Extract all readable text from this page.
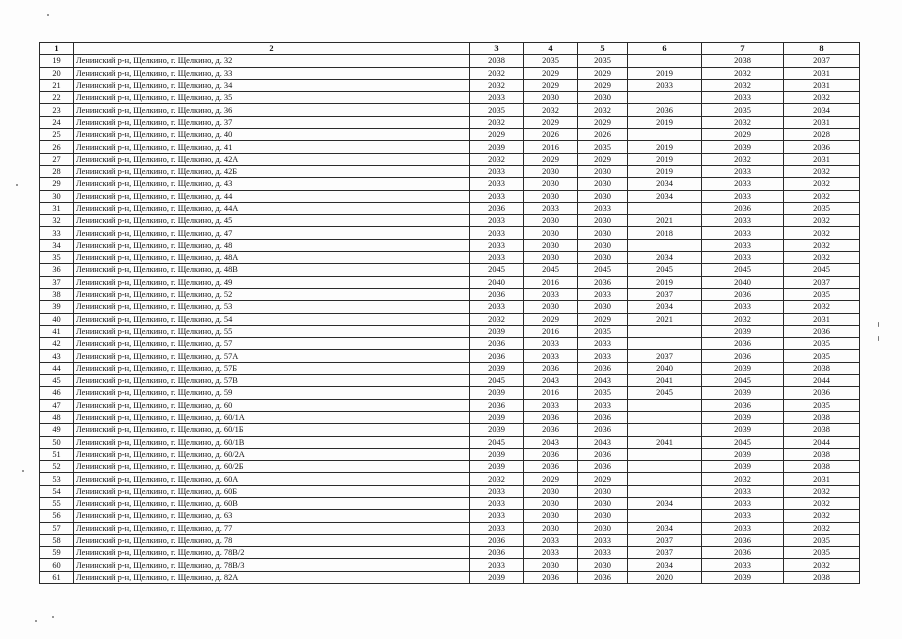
1	2	3	4	5	6	7	8
19	Ленинский р-н, Щелкино, г. Щелкино, д. 32	2038	2035	2035		2038	2037
20	Ленинский р-н, Щелкино, г. Щелкино, д. 33	2032	2029	2029	2019	2032	2031
21	Ленинский р-н, Щелкино, г. Щелкино, д. 34	2032	2029	2029	2033	2032	2031
22	Ленинский р-н, Щелкино, г. Щелкино, д. 35	2033	2030	2030		2033	2032
23	Ленинский р-н, Щелкино, г. Щелкино, д. 36	2035	2032	2032	2036	2035	2034
24	Ленинский р-н, Щелкино, г. Щелкино, д. 37	2032	2029	2029	2019	2032	2031
25	Ленинский р-н, Щелкино, г. Щелкино, д. 40	2029	2026	2026		2029	2028
26	Ленинский р-н, Щелкино, г. Щелкино, д. 41	2039	2016	2035	2019	2039	2036
27	Ленинский р-н, Щелкино, г. Щелкино, д. 42А	2032	2029	2029	2019	2032	2031
28	Ленинский р-н, Щелкино, г. Щелкино, д. 42Б	2033	2030	2030	2019	2033	2032
29	Ленинский р-н, Щелкино, г. Щелкино, д. 43	2033	2030	2030	2034	2033	2032
30	Ленинский р-н, Щелкино, г. Щелкино, д. 44	2033	2030	2030	2034	2033	2032
31	Ленинский р-н, Щелкино, г. Щелкино, д. 44А	2036	2033	2033		2036	2035
32	Ленинский р-н, Щелкино, г. Щелкино, д. 45	2033	2030	2030	2021	2033	2032
33	Ленинский р-н, Щелкино, г. Щелкино, д. 47	2033	2030	2030	2018	2033	2032
34	Ленинский р-н, Щелкино, г. Щелкино, д. 48	2033	2030	2030		2033	2032
35	Ленинский р-н, Щелкино, г. Щелкино, д. 48А	2033	2030	2030	2034	2033	2032
36	Ленинский р-н, Щелкино, г. Щелкино, д. 48В	2045	2045	2045	2045	2045	2045
37	Ленинский р-н, Щелкино, г. Щелкино, д. 49	2040	2016	2036	2019	2040	2037
38	Ленинский р-н, Щелкино, г. Щелкино, д. 52	2036	2033	2033	2037	2036	2035
39	Ленинский р-н, Щелкино, г. Щелкино, д. 53	2033	2030	2030	2034	2033	2032
40	Ленинский р-н, Щелкино, г. Щелкино, д. 54	2032	2029	2029	2021	2032	2031
41	Ленинский р-н, Щелкино, г. Щелкино, д. 55	2039	2016	2035		2039	2036
42	Ленинский р-н, Щелкино, г. Щелкино, д. 57	2036	2033	2033		2036	2035
43	Ленинский р-н, Щелкино, г. Щелкино, д. 57А	2036	2033	2033	2037	2036	2035
44	Ленинский р-н, Щелкино, г. Щелкино, д. 57Б	2039	2036	2036	2040	2039	2038
45	Ленинский р-н, Щелкино, г. Щелкино, д. 57В	2045	2043	2043	2041	2045	2044
46	Ленинский р-н, Щелкино, г. Щелкино, д. 59	2039	2016	2035	2045	2039	2036
47	Ленинский р-н, Щелкино, г. Щелкино, д. 60	2036	2033	2033		2036	2035
48	Ленинский р-н, Щелкино, г. Щелкино, д. 60/1А	2039	2036	2036		2039	2038
49	Ленинский р-н, Щелкино, г. Щелкино, д. 60/1Б	2039	2036	2036		2039	2038
50	Ленинский р-н, Щелкино, г. Щелкино, д. 60/1В	2045	2043	2043	2041	2045	2044
51	Ленинский р-н, Щелкино, г. Щелкино, д. 60/2А	2039	2036	2036		2039	2038
52	Ленинский р-н, Щелкино, г. Щелкино, д. 60/2Б	2039	2036	2036		2039	2038
53	Ленинский р-н, Щелкино, г. Щелкино, д. 60А	2032	2029	2029		2032	2031
54	Ленинский р-н, Щелкино, г. Щелкино, д. 60Б	2033	2030	2030		2033	2032
55	Ленинский р-н, Щелкино, г. Щелкино, д. 60В	2033	2030	2030	2034	2033	2032
56	Ленинский р-н, Щелкино, г. Щелкино, д. 63	2033	2030	2030		2033	2032
57	Ленинский р-н, Щелкино, г. Щелкино, д. 77	2033	2030	2030	2034	2033	2032
58	Ленинский р-н, Щелкино, г. Щелкино, д. 78	2036	2033	2033	2037	2036	2035
59	Ленинский р-н, Щелкино, г. Щелкино, д. 78В/2	2036	2033	2033	2037	2036	2035
60	Ленинский р-н, Щелкино, г. Щелкино, д. 78В/3	2033	2030	2030	2034	2033	2032
61	Ленинский р-н, Щелкино, г. Щелкино, д. 82А	2039	2036	2036	2020	2039	2038
